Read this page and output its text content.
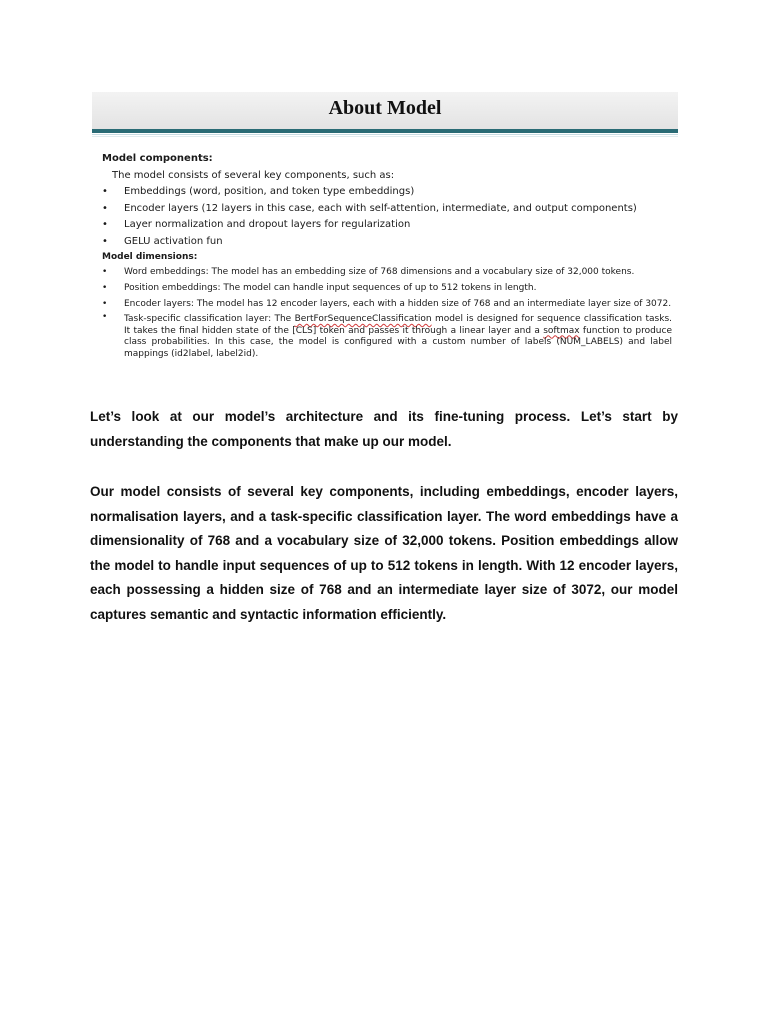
About Model

Model components:

The model consists of several key components, such as:

• Embeddings (word, position, and token type embeddings)
• Encoder layers (12 layers in this case, each with self-attention, intermediate, and output components)
• Layer normalization and dropout layers for regularization
• GELU activation fun

Model dimensions:

• Word embeddings: The model has an embedding size of 768 dimensions and a vocabulary size of 32,000 tokens.
• Position embeddings: The model can handle input sequences of up to 512 tokens in length.
• Encoder layers: The model has 12 encoder layers, each with a hidden size of 768 and an intermediate layer size of 3072.
• Task-specific classification layer: The BertForSequenceClassification model is designed for sequence classification tasks. It takes the final hidden state of the [CLS] token and passes it through a linear layer and a softmax function to produce class probabilities. In this case, the model is configured with a custom number of labels (NUM_LABELS) and label mappings (id2label, label2id).

Let’s look at our model’s architecture and its fine-tuning process. Let’s start by understanding the components that make up our model.

Our model consists of several key components, including embeddings, encoder layers, normalisation layers, and a task-specific classification layer. The word embeddings have a dimensionality of 768 and a vocabulary size of 32,000 tokens. Position embeddings allow the model to handle input sequences of up to 512 tokens in length. With 12 encoder layers, each possessing a hidden size of 768 and an intermediate layer size of 3072, our model captures semantic and syntactic information efficiently.
